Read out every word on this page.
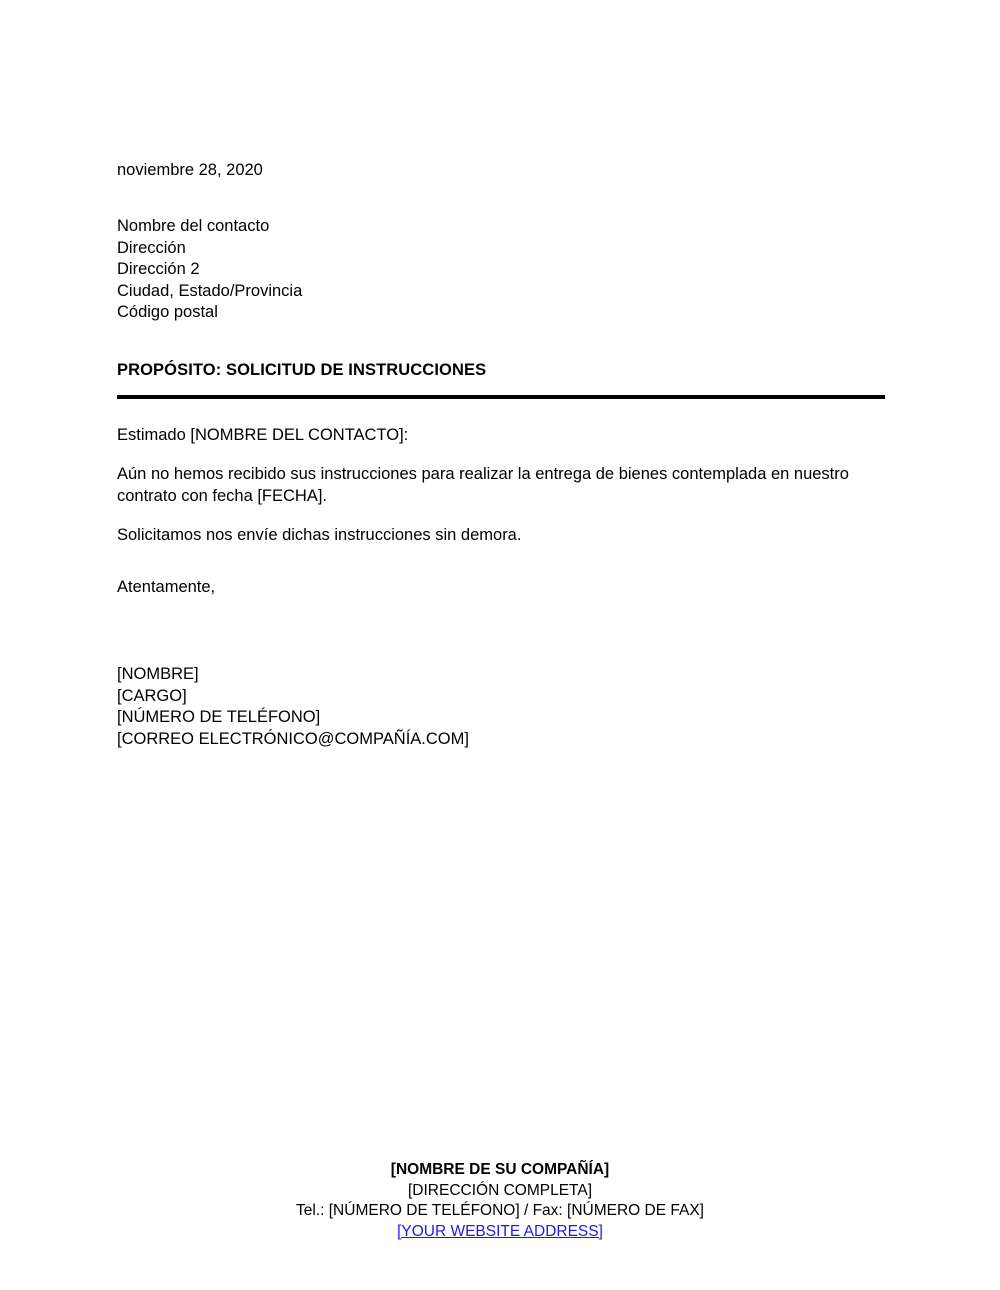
noviembre 28, 2020
Nombre del contacto
Dirección
Dirección 2
Ciudad, Estado/Provincia
Código postal
PROPÓSITO: SOLICITUD DE INSTRUCCIONES

Estimado [NOMBRE DEL CONTACTO]:

Aún no hemos recibido sus instrucciones para realizar la entrega de bienes contemplada en nuestro contrato con fecha [FECHA].

Solicitamos nos envíe dichas instrucciones sin demora.

Atentamente,
[NOMBRE]
[CARGO]
[NÚMERO DE TELÉFONO]
[CORREO ELECTRÓNICO@COMPAÑÍA.COM]
[NOMBRE DE SU COMPAÑÍA]
[DIRECCIÓN COMPLETA]
Tel.: [NÚMERO DE TELÉFONO] / Fax: [NÚMERO DE FAX]
[YOUR WEBSITE ADDRESS]
